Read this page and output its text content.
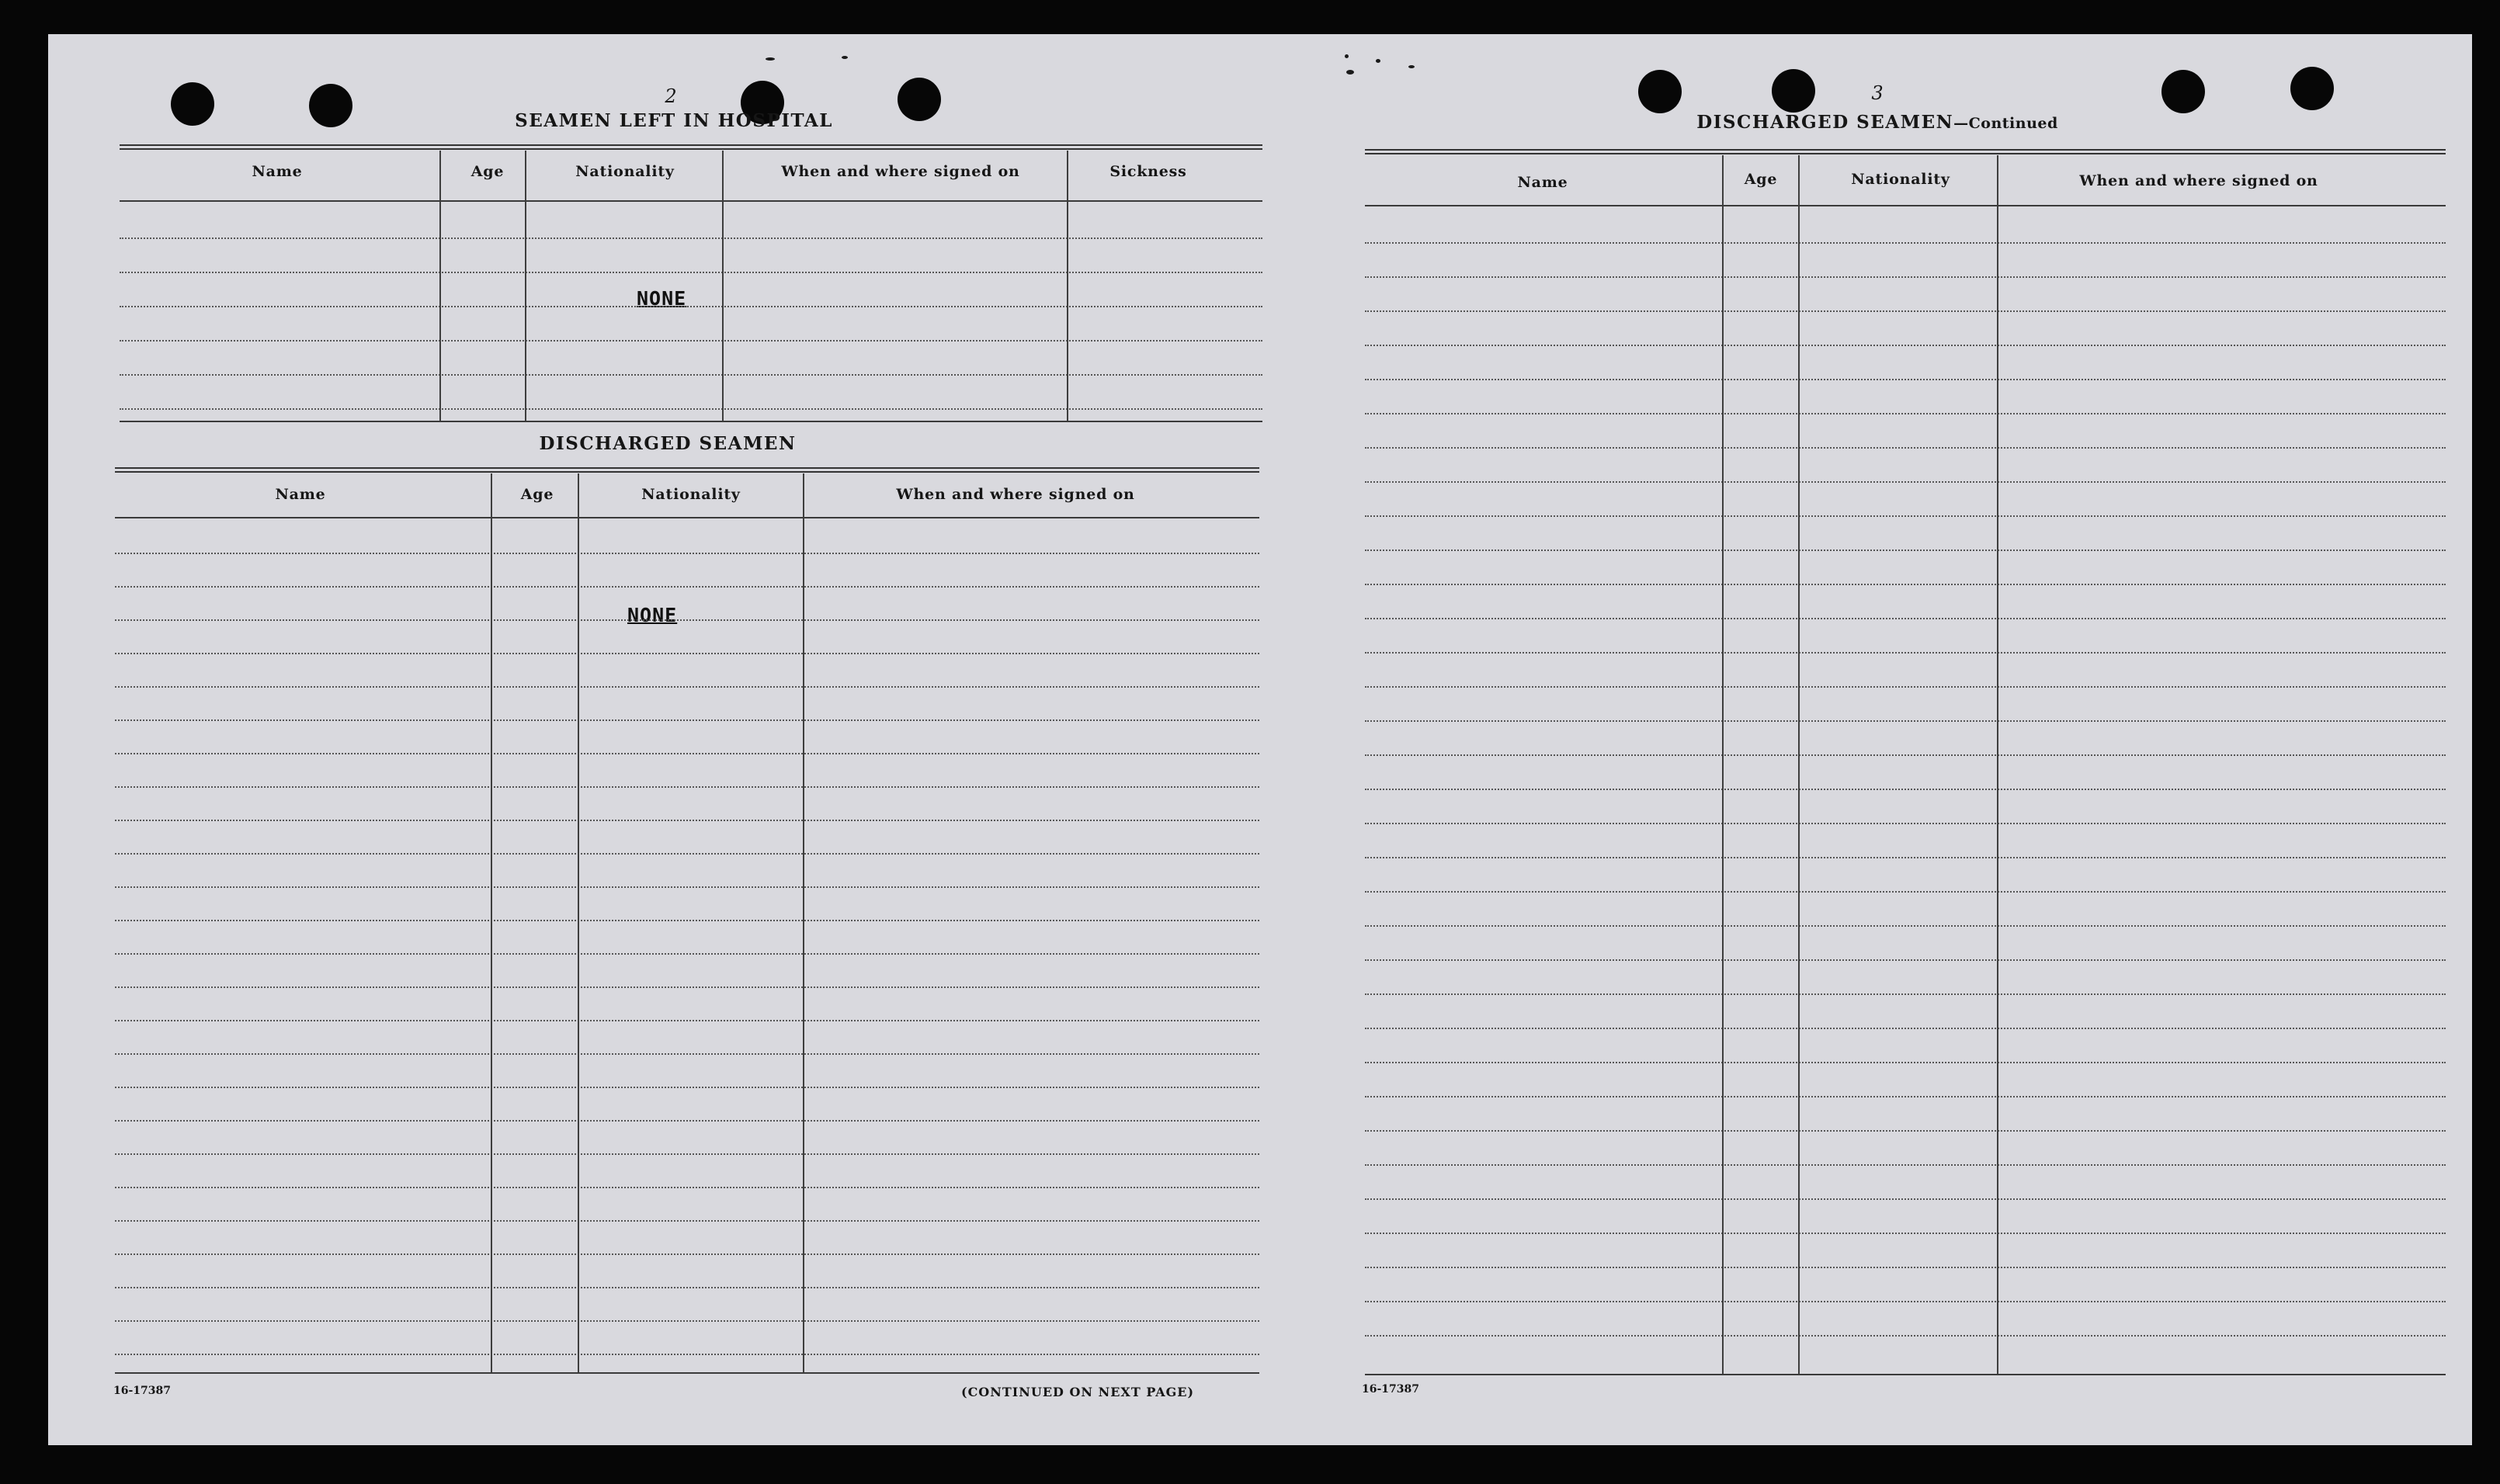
2
SEAMEN LEFT IN HOSPITAL
Name	Age	Nationality	When and where signed on	Sickness
NONE
DISCHARGED SEAMEN
Name	Age	Nationality	When and where signed on
NONE
16-17387	(CONTINUED ON NEXT PAGE)
3
DISCHARGED SEAMEN—Continued
Name	Age	Nationality	When and where signed on
16-17387
